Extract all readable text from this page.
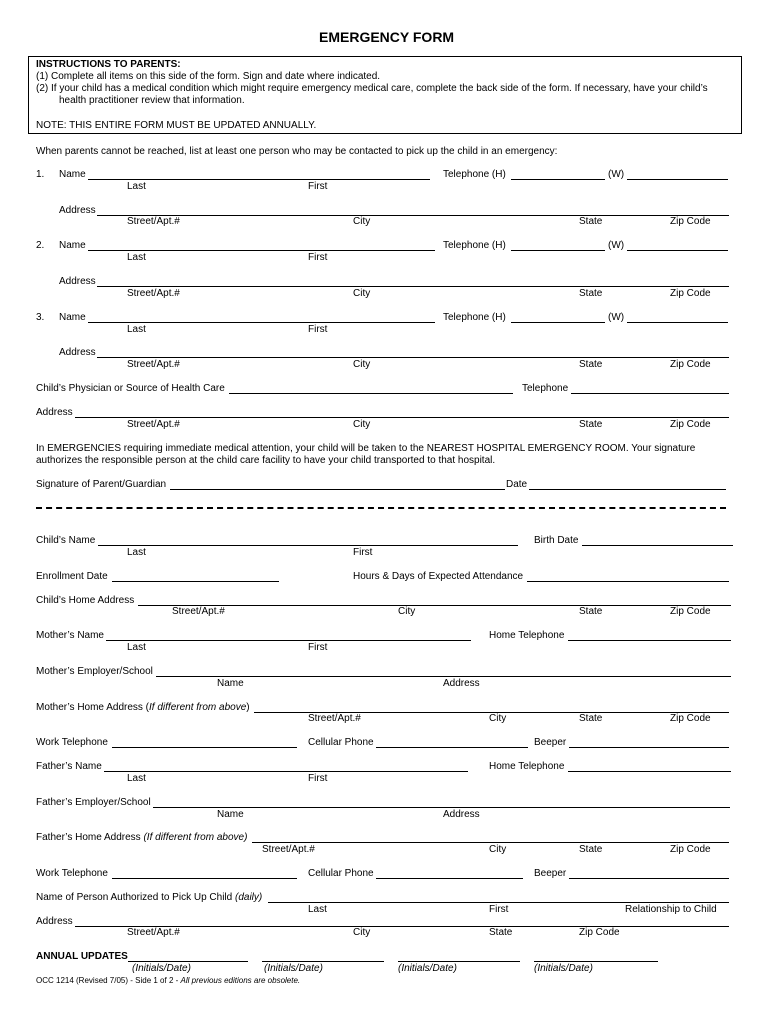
EMERGENCY FORM
INSTRUCTIONS TO PARENTS:
(1) Complete all items on this side of the form. Sign and date where indicated.
(2) If your child has a medical condition which might require emergency medical care, complete the back side of the form. If necessary, have your child’s
health practitioner review that information.
NOTE: THIS ENTIRE FORM MUST BE UPDATED ANNUALLY.
When parents cannot be reached, list at least one person who may be contacted to pick up the child in an emergency:
1. Name	Telephone (H)	(W)
Last	First
Address
Street/Apt.#	City	State	Zip Code
2. Name	Telephone (H)	(W)
Last	First
Address
Street/Apt.#	City	State	Zip Code
3. Name	Telephone (H)	(W)
Last	First
Address
Street/Apt.#	City	State	Zip Code
Child’s Physician or Source of Health Care	Telephone
Address
Street/Apt.#	City	State	Zip Code
In EMERGENCIES requiring immediate medical attention, your child will be taken to the NEAREST HOSPITAL EMERGENCY ROOM. Your signature
authorizes the responsible person at the child care facility to have your child transported to that hospital.
Signature of Parent/Guardian	Date
Child’s Name	Birth Date
Last	First
Enrollment Date	Hours & Days of Expected Attendance
Child’s Home Address
Street/Apt.#	City	State	Zip Code
Mother’s Name	Home Telephone
Last	First
Mother’s Employer/School
Name	Address
Mother’s Home Address (If different from above)
Street/Apt.#	City	State	Zip Code
Work Telephone	Cellular Phone	Beeper
Father’s Name	Home Telephone
Last	First
Father’s Employer/School
Name	Address
Father’s Home Address (If different from above)
Street/Apt.#	City	State	Zip Code
Work Telephone	Cellular Phone	Beeper
Name of Person Authorized to Pick Up Child (daily)
Last	First	Relationship to Child
Address
Street/Apt.#	City	State	Zip Code
ANNUAL UPDATES
(Initials/Date)	(Initials/Date)	(Initials/Date)	(Initials/Date)
OCC 1214 (Revised 7/05) - Side 1 of 2 - All previous editions are obsolete.
